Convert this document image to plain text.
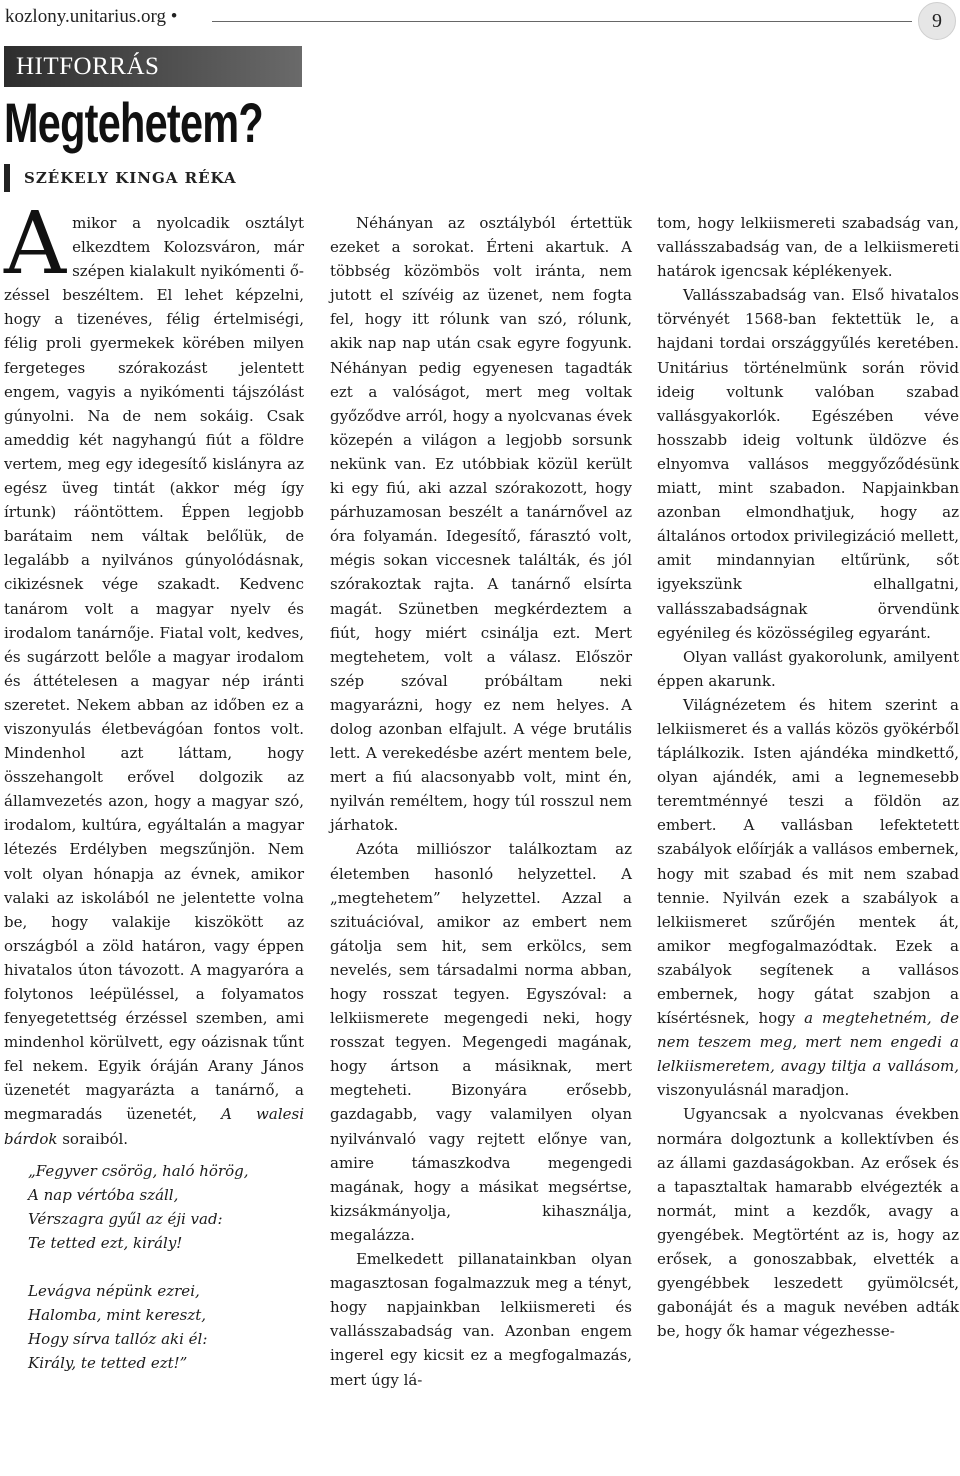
kozlony.unitarius.org •	9
HITFORRÁS
Megtehetem?
SZÉKELY KINGA RÉKA

Amikor a nyolcadik osztályt elkezdtem Kolozsváron, már szépen kialakult nyikómenti ő-zéssel beszéltem. El lehet képzelni, hogy a tizenéves, félig értelmiségi, félig proli gyermekek körében milyen fergeteges szórakozást jelentett engem, vagyis a nyikómenti tájszólást gúnyolni. Na de nem sokáig. Csak ameddig két nagyhangú fiút a földre vertem, meg egy idegesítő kislányra az egész üveg tintát (akkor még így írtunk) ráöntöttem. Éppen legjobb barátaim nem váltak belőlük, de legalább a nyilvános gúnyolódásnak, cikizésnek vége szakadt. Kedvenc tanárom volt a magyar nyelv és irodalom tanárnője. Fiatal volt, kedves, és sugárzott belőle a magyar irodalom és áttételesen a magyar nép iránti szeretet. Nekem abban az időben ez a viszonyulás életbevágóan fontos volt. Mindenhol azt láttam, hogy összehangolt erővel dolgozik az államvezetés azon, hogy a magyar szó, irodalom, kultúra, egyáltalán a magyar létezés Erdélyben megszűnjön. Nem volt olyan hónapja az évnek, amikor valaki az iskolából ne jelentette volna be, hogy valakije kiszökött az országból a zöld határon, vagy éppen hivatalos úton távozott. A magyaróra a folytonos leépüléssel, a folyamatos fenyegetettség érzéssel szemben, ami mindenhol körülvett, egy oázisnak tűnt fel nekem. Egyik óráján Arany János üzenetét magyarázta a tanárnő, a megmaradás üzenetét, A walesi bárdok soraiból.

„Fegyver csörög, haló hörög,
A nap vértóba száll,
Vérszagra gyűl az éji vad:
Te tetted ezt, király!
Levágva népünk ezrei,
Halomba, mint kereszt,
Hogy sírva tallóz aki él:
Király, te tetted ezt!”

Néhányan az osztályból értettük ezeket a sorokat. Érteni akartuk. A többség közömbös volt iránta, nem jutott el szívéig az üzenet, nem fogta fel, hogy itt rólunk van szó, rólunk, akik nap nap után csak egyre fogyunk. Néhányan pedig egyenesen tagadták ezt a valóságot, mert meg voltak győződve arról, hogy a nyolcvanas évek közepén a világon a legjobb sorsunk nekünk van. Ez utóbbiak közül került ki egy fiú, aki azzal szórakozott, hogy párhuzamosan beszélt a tanárnővel az óra folyamán. Idegesítő, fárasztó volt, mégis sokan viccesnek találták, és jól szórakoztak rajta. A tanárnő elsírta magát. Szünetben megkérdeztem a fiút, hogy miért csinálja ezt. Mert megtehetem, volt a válasz. Először szép szóval próbáltam neki magyarázni, hogy ez nem helyes. A dolog azonban elfajult. A vége brutális lett. A verekedésbe azért mentem bele, mert a fiú alacsonyabb volt, mint én, nyilván reméltem, hogy túl rosszul nem járhatok.

Azóta milliószor találkoztam az életemben hasonló helyzettel. A „megtehetem” helyzettel. Azzal a szituációval, amikor az embert nem gátolja sem hit, sem erkölcs, sem nevelés, sem társadalmi norma abban, hogy rosszat tegyen. Egyszóval: a lelkiismerete megengedi neki, hogy rosszat tegyen. Megengedi magának, hogy ártson a másiknak, mert megteheti. Bizonyára erősebb, gazdagabb, vagy valamilyen olyan nyilvánvaló vagy rejtett előnye van, amire támaszkodva megengedi magának, hogy a másikat megsértse, kizsákmányolja, kihasználja, megalázza.

Emelkedett pillanatainkban olyan magasztosan fogalmazzuk meg a tényt, hogy napjainkban lelkiismereti és vallásszabadság van. Azonban engem ingerel egy kicsit ez a megfogalmazás, mert úgy lá-

tom, hogy lelkiismereti szabadság van, vallásszabadság van, de a lelkiismereti határok igencsak képlékenyek.

Vallásszabadság van. Első hivatalos törvényét 1568-ban fektettük le, a hajdani tordai országgyűlés keretében. Unitárius történelmünk során rövid ideig voltunk valóban szabad vallásgyakorlók. Egészében véve hosszabb ideig voltunk üldözve és elnyomva vallásos meggyőződésünk miatt, mint szabadon. Napjainkban azonban elmondhatjuk, hogy az általános ortodox privilegizáció mellett, amit mindannyian eltűrünk, sőt igyekszünk elhallgatni, vallásszabadságnak örvendünk egyénileg és közösségileg egyaránt.

Olyan vallást gyakorolunk, amilyent éppen akarunk.

Világnézetem és hitem szerint a lelkiismeret és a vallás közös gyökérből táplálkozik. Isten ajándéka mindkettő, olyan ajándék, ami a legnemesebb teremtménnyé teszi a földön az embert. A vallásban lefektetett szabályok előírják a vallásos embernek, hogy mit szabad és mit nem szabad tennie. Nyilván ezek a szabályok a lelkiismeret szűrőjén mentek át, amikor megfogalmazódtak. Ezek a szabályok segítenek a vallásos embernek, hogy gátat szabjon a kísértésnek, hogy a megtehetném, de nem teszem meg, mert nem engedi a lelkiismeretem, avagy tiltja a vallásom, viszonyulásnál maradjon.

Ugyancsak a nyolcvanas években normára dolgoztunk a kollektívben és az állami gazdaságokban. Az erősek és a tapasztaltak hamarabb elvégezték a normát, mint a kezdők, avagy a gyengébek. Megtörtént az is, hogy az erősek, a gonoszabbak, elvették a gyengébbek leszedett gyümölcsét, gabonáját és a maguk nevében adták be, hogy ők hamar végezhesse-
